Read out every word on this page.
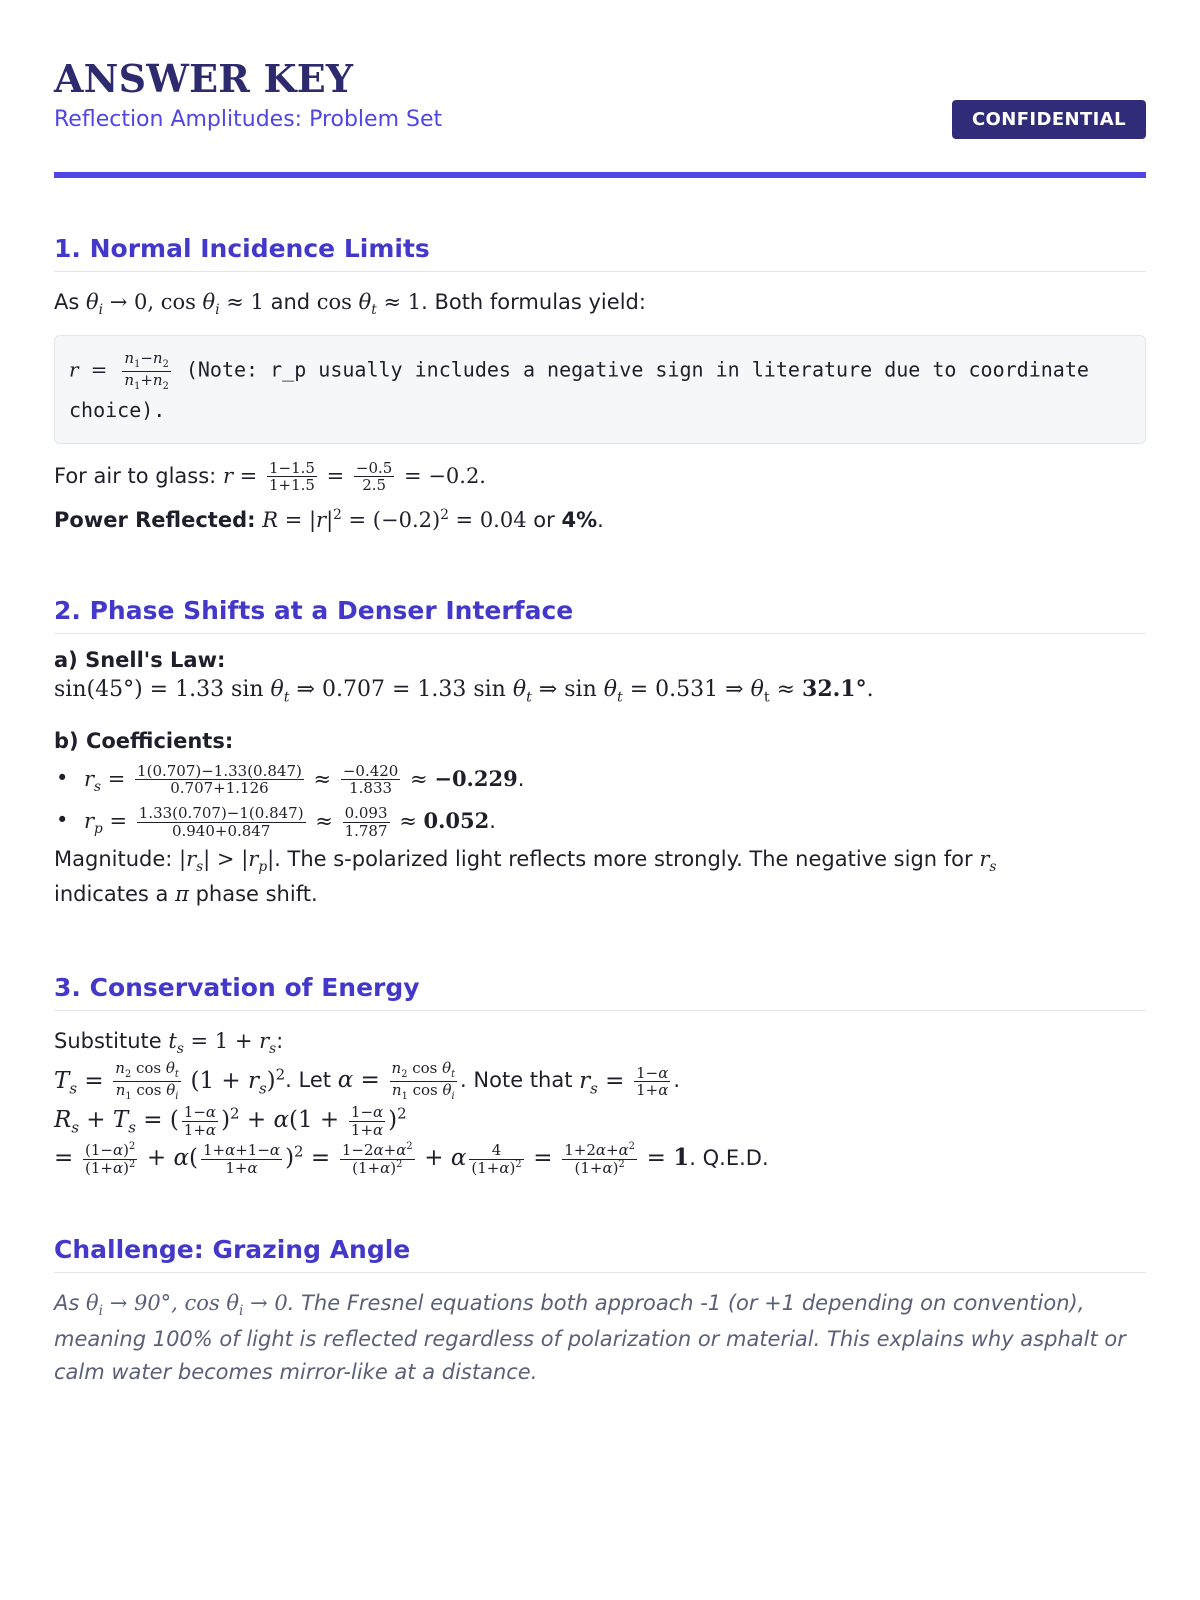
ANSWER KEY
Reflection Amplitudes: Problem Set	CONFIDENTIAL
1. Normal Incidence Limits

As $\theta_i \to 0$, $\cos \theta_i \approx 1$ and $\cos \theta_t \approx 1$. Both formulas yield:

$r = \frac{n_1-n_2}{n_1+n_2}$ (Note: r_p usually includes a negative sign in literature due to coordinate choice).

For air to glass: $r = \frac{1-1.5}{1+1.5} = \frac{-0.5}{2.5} = -0.2$.

Power Reflected: $R = |r|^2 = (-0.2)^2 = 0.04$ or 4%.

2. Phase Shifts at a Denser Interface

a) Snell's Law:

sin(45°) = 1.33 $\sin \theta_t$ ⇒ 0.707 = 1.33 $\sin \theta_t$ ⇒ $\sin \theta_t = 0.531$ ⇒ $\theta_t \approx 32.1^\circ$.

b) Coefficients:

• $r_s = \frac{1(0.707)-1.33(0.847)}{0.707+1.126} \approx \frac{-0.420}{1.833} \approx -0.229$.
• $r_p = \frac{1.33(0.707)-1(0.847)}{0.940+0.847} \approx \frac{0.093}{1.787} \approx 0.052$.

Magnitude: $|r_s| > |r_p|$. The s-polarized light reflects more strongly. The negative sign for $r_s$
indicates a π phase shift.

3. Conservation of Energy

Substitute $t_s = 1 + r_s$:

$T_s = \frac{n_2 \cos \theta_t}{n_1 \cos \theta_i} (1 + r_s)^2$. Let $\alpha = \frac{n_2 \cos \theta_t}{n_1 \cos \theta_i}$ . Note that $r_s = \frac{1-\alpha}{1+\alpha}$ .

$R_s + T_s$ = ( $\frac{1-\alpha}{1+\alpha} )^2 + \alpha(1 + \frac{1-\alpha}{1+\alpha} )^2$

= $\frac{(1-\alpha)^2}{(1+\alpha)^2} + \alpha( \frac{1+\alpha+1-\alpha}{1+\alpha} )^2 = \frac{1-2\alpha+\alpha^2}{(1+\alpha)^2} + \alpha \frac{4}{(1+\alpha)^2} = \frac{1+2\alpha+\alpha^2}{(1+\alpha)^2} = 1$. Q.E.D.

Challenge: Grazing Angle

As $\theta_i \to 90^\circ$, $\cos \theta_i \to 0$. The Fresnel equations both approach -1 (or +1 depending on convention), meaning 100% of light is reflected regardless of polarization or material. This explains why asphalt or calm water becomes mirror-like at a distance.
